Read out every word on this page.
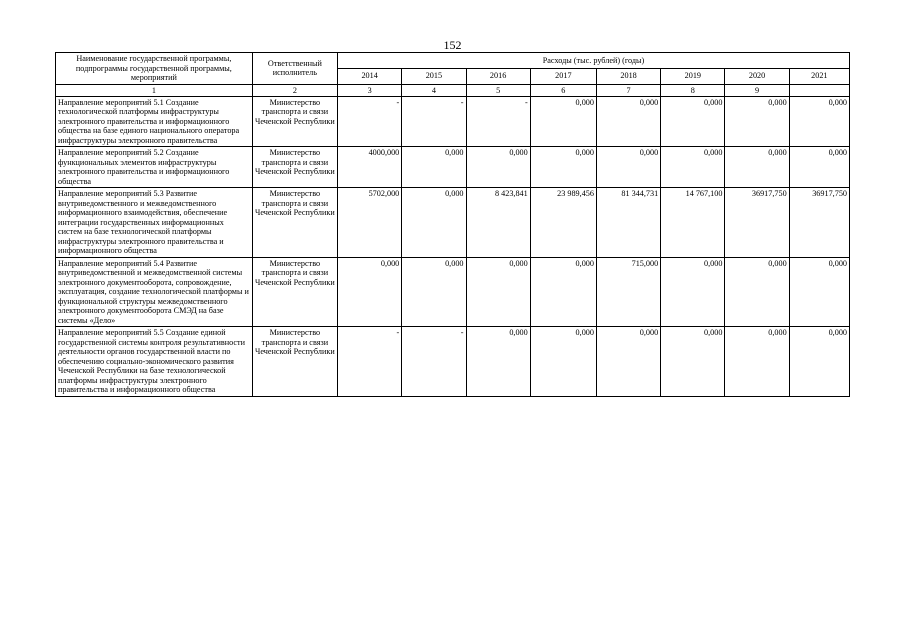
152
Наименование государственной программы, подпрограммы государственной программы, мероприятий	Ответственный исполнитель	Расходы (тыс. рублей) (годы)							
		2014	2015	2016	2017	2018	2019	2020	2021
1	2	3	4	5	6	7	8	9	
Направление мероприятий 5.1 Создание технологической платформы инфраструктуры электронного правительства и информационного общества на базе единого национального оператора инфраструктуры электронного правительства	Министерство транспорта и связи Чеченской Республики	-	-	-	0,000	0,000	0,000	0,000	0,000
Направление мероприятий 5.2 Создание функциональных элементов инфраструктуры электронного правительства и информационного общества	Министерство транспорта и связи Чеченской Республики	4000,000	0,000	0,000	0,000	0,000	0,000	0,000	0,000
Направление мероприятий 5.3 Развитие внутриведомственного и межведомственного информационного взаимодействия, обеспечение интеграции государственных информационных систем на базе технологической платформы инфраструктуры электронного правительства и информационного общества	Министерство транспорта и связи Чеченской Республики	5702,000	0,000	8 423,841	23 989,456	81 344,731	14 767,100	36917,750	36917,750
Направление мероприятий 5.4 Развитие внутриведомственной и межведомственной системы электронного документооборота, сопровождение, эксплуатация, создание технологической платформы и функциональной структуры межведомственного электронного документооборота СМЭД на базе системы «Дело»	Министерство транспорта и связи Чеченской Республики	0,000	0,000	0,000	0,000	715,000	0,000	0,000	0,000
Направление мероприятий 5.5 Создание единой государственной системы контроля результативности деятельности органов государственной власти по обеспечению социально-экономического развития Чеченской Республики на базе технологической платформы инфраструктуры электронного правительства и информационного общества	Министерство транспорта и связи Чеченской Республики	-	-	0,000	0,000	0,000	0,000	0,000	0,000
